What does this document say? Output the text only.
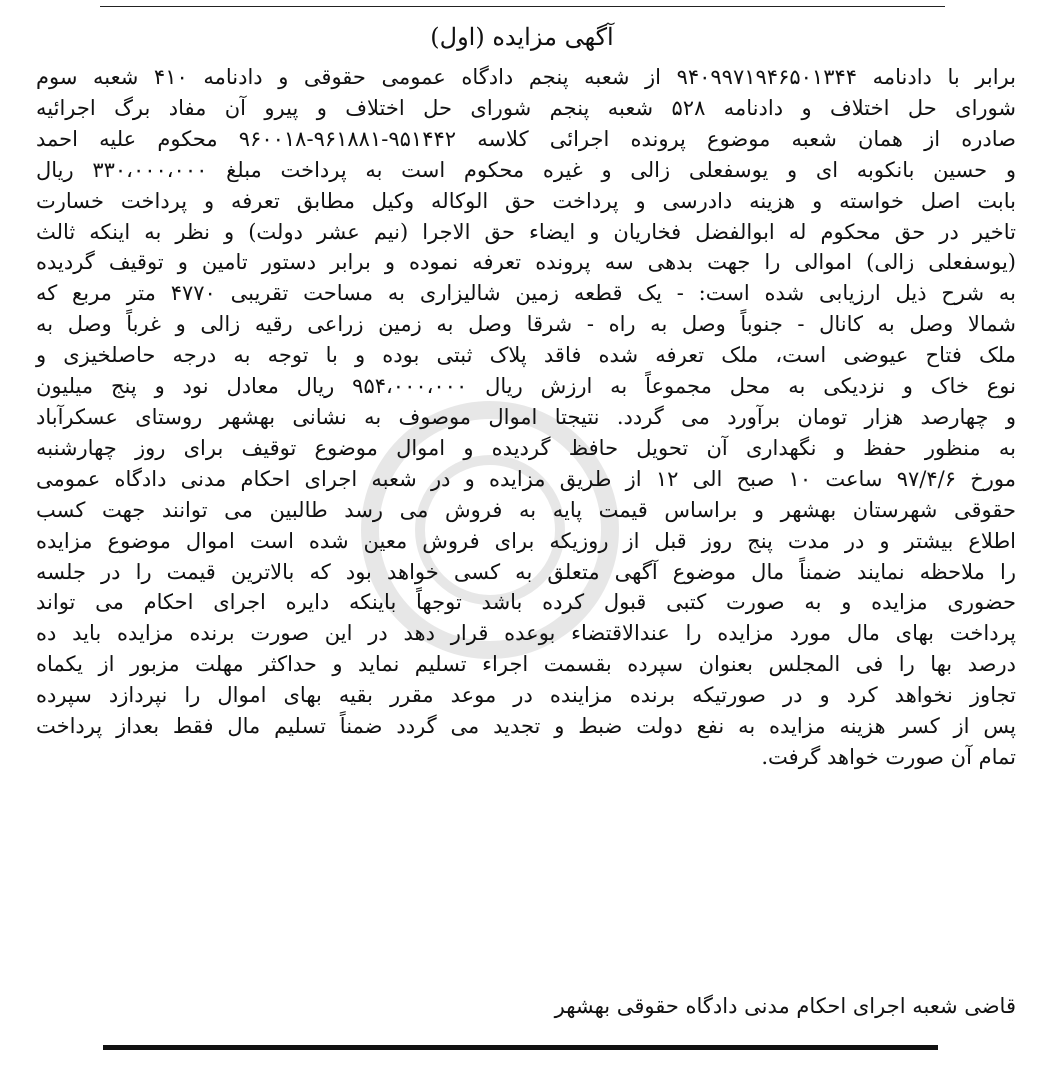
آگهی مزایده (اول)

برابر با دادنامه ۹۴۰۹۹۷۱۹۴۶۵۰۱۳۴۴ از شعبه پنجم دادگاه عمومی حقوقی و دادنامه ۴۱۰ شعبه سوم

شورای حل اختلاف و دادنامه ۵۲۸ شعبه پنجم شورای حل اختلاف و پیرو آن مفاد برگ اجرائیه

صادره از همان شعبه موضوع پرونده اجرائی کلاسه ۹۵۱۴۴۲-۹۶۱۸۸۱-۹۶۰۰۱۸ محکوم علیه احمد

و حسین بانکوبه ای و یوسفعلی زالی و غیره محکوم است به پرداخت مبلغ ۳۳۰،۰۰۰،۰۰۰ ریال

بابت اصل خواسته و هزینه دادرسی و پرداخت حق الوکاله وکیل مطابق تعرفه و پرداخت خسارت

تاخیر در حق محکوم له ابوالفضل فخاریان و ایضاء حق الاجرا (نیم عشر دولت) و نظر به اینکه ثالث

(یوسفعلی زالی) اموالی را جهت بدهی سه پرونده تعرفه نموده و برابر دستور تامین و توقیف گردیده

به شرح ذیل ارزیابی شده است: - یک قطعه زمین شالیزاری به مساحت تقریبی ۴۷۷۰ متر مربع که

شمالا وصل به کانال - جنوباً وصل به راه - شرقا وصل به زمین زراعی رقیه زالی و غرباً وصل به

ملک فتاح عیوضی است، ملک تعرفه شده فاقد پلاک ثبتی بوده و با توجه به درجه حاصلخیزی و

نوع خاک و نزدیکی به محل مجموعاً به ارزش ریال ۹۵۴،۰۰۰،۰۰۰ ریال معادل نود و پنج میلیون

و چهارصد هزار تومان برآورد می گردد. نتیجتا اموال موصوف به نشانی بهشهر روستای عسکرآباد

به منظور حفظ و نگهداری آن تحویل حافظ گردیده و اموال موضوع توقیف برای روز چهارشنبه

مورخ ۹۷/۴/۶ ساعت ۱۰ صبح الی ۱۲ از طریق مزایده و در شعبه اجرای احکام مدنی دادگاه عمومی

حقوقی شهرستان بهشهر و براساس قیمت پایه به فروش می رسد طالبین می توانند جهت کسب

اطلاع بیشتر و در مدت پنج روز قبل از روزیکه برای فروش معین شده است اموال موضوع مزایده

را ملاحظه نمایند ضمناً مال موضوع آگهی متعلق به کسی خواهد بود که بالاترین قیمت را در جلسه

حضوری مزایده و به صورت کتبی قبول کرده باشد توجهاً باینکه دایره اجرای احکام می تواند

پرداخت بهای مال مورد مزایده را عندالاقتضاء بوعده قرار دهد در این صورت برنده مزایده باید ده

درصد بها را فی المجلس بعنوان سپرده بقسمت اجراء تسلیم نماید و حداکثر مهلت مزبور از یکماه

تجاوز نخواهد کرد و در صورتیکه برنده مزاینده در موعد مقرر بقیه بهای اموال را نپردازد سپرده

پس از کسر هزینه مزایده به نفع دولت ضبط و تجدید می گردد ضمناً تسلیم مال فقط بعداز پرداخت

تمام آن صورت خواهد گرفت.

قاضی شعبه اجرای احکام مدنی دادگاه حقوقی بهشهر
